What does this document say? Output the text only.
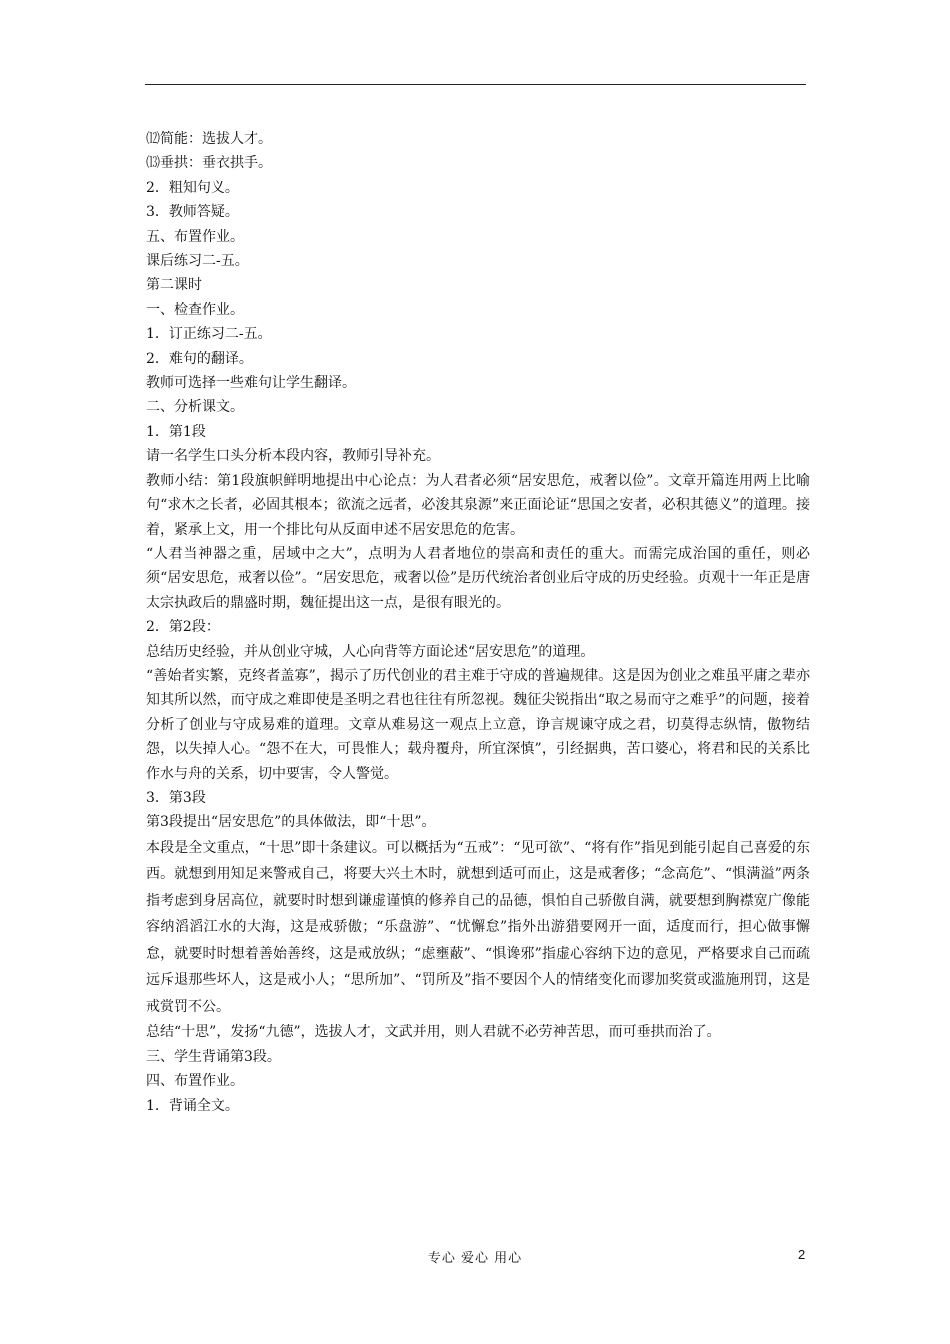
⑿简能：选拔人才。

⒀垂拱：垂衣拱手。

2．粗知句义。

3．教师答疑。

五、布置作业。

课后练习二-五。

第二课时

一、检查作业。

1．订正练习二-五。

2．难句的翻译。

教师可选择一些难句让学生翻译。

二、分析课文。

1．第1段

请一名学生口头分析本段内容，教师引导补充。

教师小结：第1段旗帜鲜明地提出中心论点：为人君者必须“居安思危，戒奢以俭”。文章开篇连用两上比喻句“求木之长者，必固其根本；欲流之远者，必浚其泉源”来正面论证“思国之安者，必积其德义”的道理。接着，紧承上文，用一个排比句从反面申述不居安思危的危害。

“人君当神器之重，居域中之大”，点明为人君者地位的崇高和责任的重大。而需完成治国的重任，则必须“居安思危，戒奢以俭”。“居安思危，戒奢以俭”是历代统治者创业后守成的历史经验。贞观十一年正是唐太宗执政后的鼎盛时期，魏征提出这一点，是很有眼光的。

2．第2段：

总结历史经验，并从创业守城，人心向背等方面论述“居安思危”的道理。

“善始者实繁，克终者盖寡”，揭示了历代创业的君主难于守成的普遍规律。这是因为创业之难虽平庸之辈亦知其所以然，而守成之难即使是圣明之君也往往有所忽视。魏征尖锐指出“取之易而守之难乎”的问题，接着分析了创业与守成易难的道理。文章从难易这一观点上立意，诤言规谏守成之君，切莫得志纵情，傲物结怨，以失掉人心。“怨不在大，可畏惟人；载舟覆舟，所宜深慎”，引经据典，苦口婆心，将君和民的关系比作水与舟的关系，切中要害，令人警觉。

3．第3段

第3段提出“居安思危”的具体做法，即“十思”。

本段是全文重点，“十思”即十条建议。可以概括为“五戒”：“见可欲”、“将有作”指见到能引起自己喜爱的东西。就想到用知足来警戒自己，将要大兴土木时，就想到适可而止，这是戒奢侈；“念高危”、“惧满溢”两条指考虑到身居高位，就要时时想到谦虚谨慎的修养自己的品德，惧怕自己骄傲自满，就要想到胸襟宽广像能容纳滔滔江水的大海，这是戒骄傲；“乐盘游”、“忧懈怠”指外出游猎要网开一面，适度而行，担心做事懈怠，就要时时想着善始善终，这是戒放纵；“虑壅蔽”、“惧谗邪”指虚心容纳下边的意见，严格要求自己而疏远斥退那些坏人，这是戒小人；“思所加”、“罚所及”指不要因个人的情绪变化而谬加奖赏或滥施刑罚，这是戒赏罚不公。

总结“十思”，发扬“九德”，选拔人才，文武并用，则人君就不必劳神苦思，而可垂拱而治了。

三、学生背诵第3段。

四、布置作业。

1．背诵全文。

专心 爱心 用心	2
